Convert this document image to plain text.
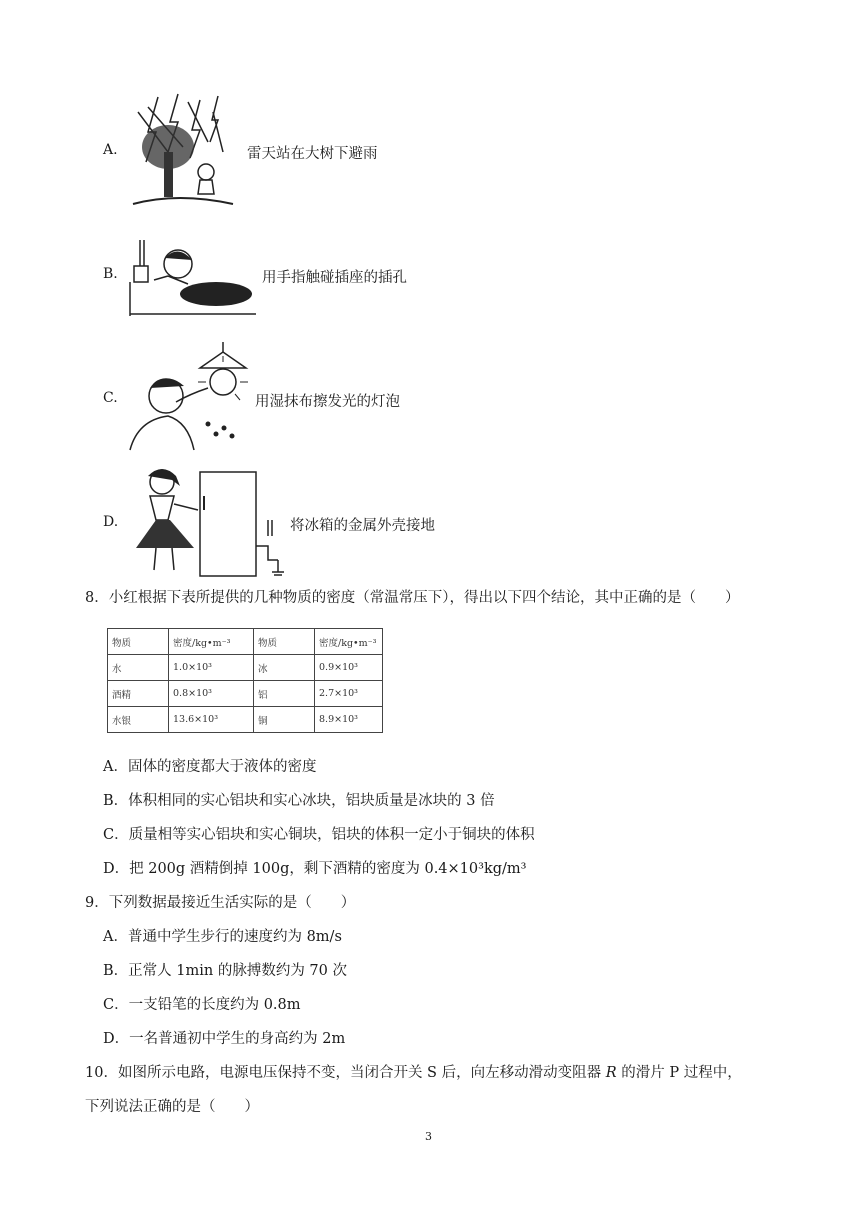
A.	雷天站在大树下避雨
B.	用手指触碰插座的插孔
C.	用湿抹布擦发光的灯泡
D.	将冰箱的金属外壳接地
8．小红根据下表所提供的几种物质的密度（常温常压下），得出以下四个结论，其中正确的是（　　）
物质	密度/kg•m⁻³	物质	密度/kg•m⁻³
水	1.0×10³	冰	0.9×10³
酒精	0.8×10³	铝	2.7×10³
水银	13.6×10³	铜	8.9×10³
A．固体的密度都大于液体的密度
B．体积相同的实心铝块和实心冰块，铝块质量是冰块的 3 倍
C．质量相等实心铝块和实心铜块，铝块的体积一定小于铜块的体积
D．把 200g 酒精倒掉 100g，剩下酒精的密度为 0.4×10³kg/m³
9．下列数据最接近生活实际的是（　　）
A．普通中学生步行的速度约为 8m/s
B．正常人 1min 的脉搏数约为 70 次
C．一支铅笔的长度约为 0.8m
D．一名普通初中学生的身高约为 2m
10．如图所示电路，电源电压保持不变，当闭合开关 S 后，向左移动滑动变阻器 R 的滑片 P 过程中，
下列说法正确的是（　　）
3
